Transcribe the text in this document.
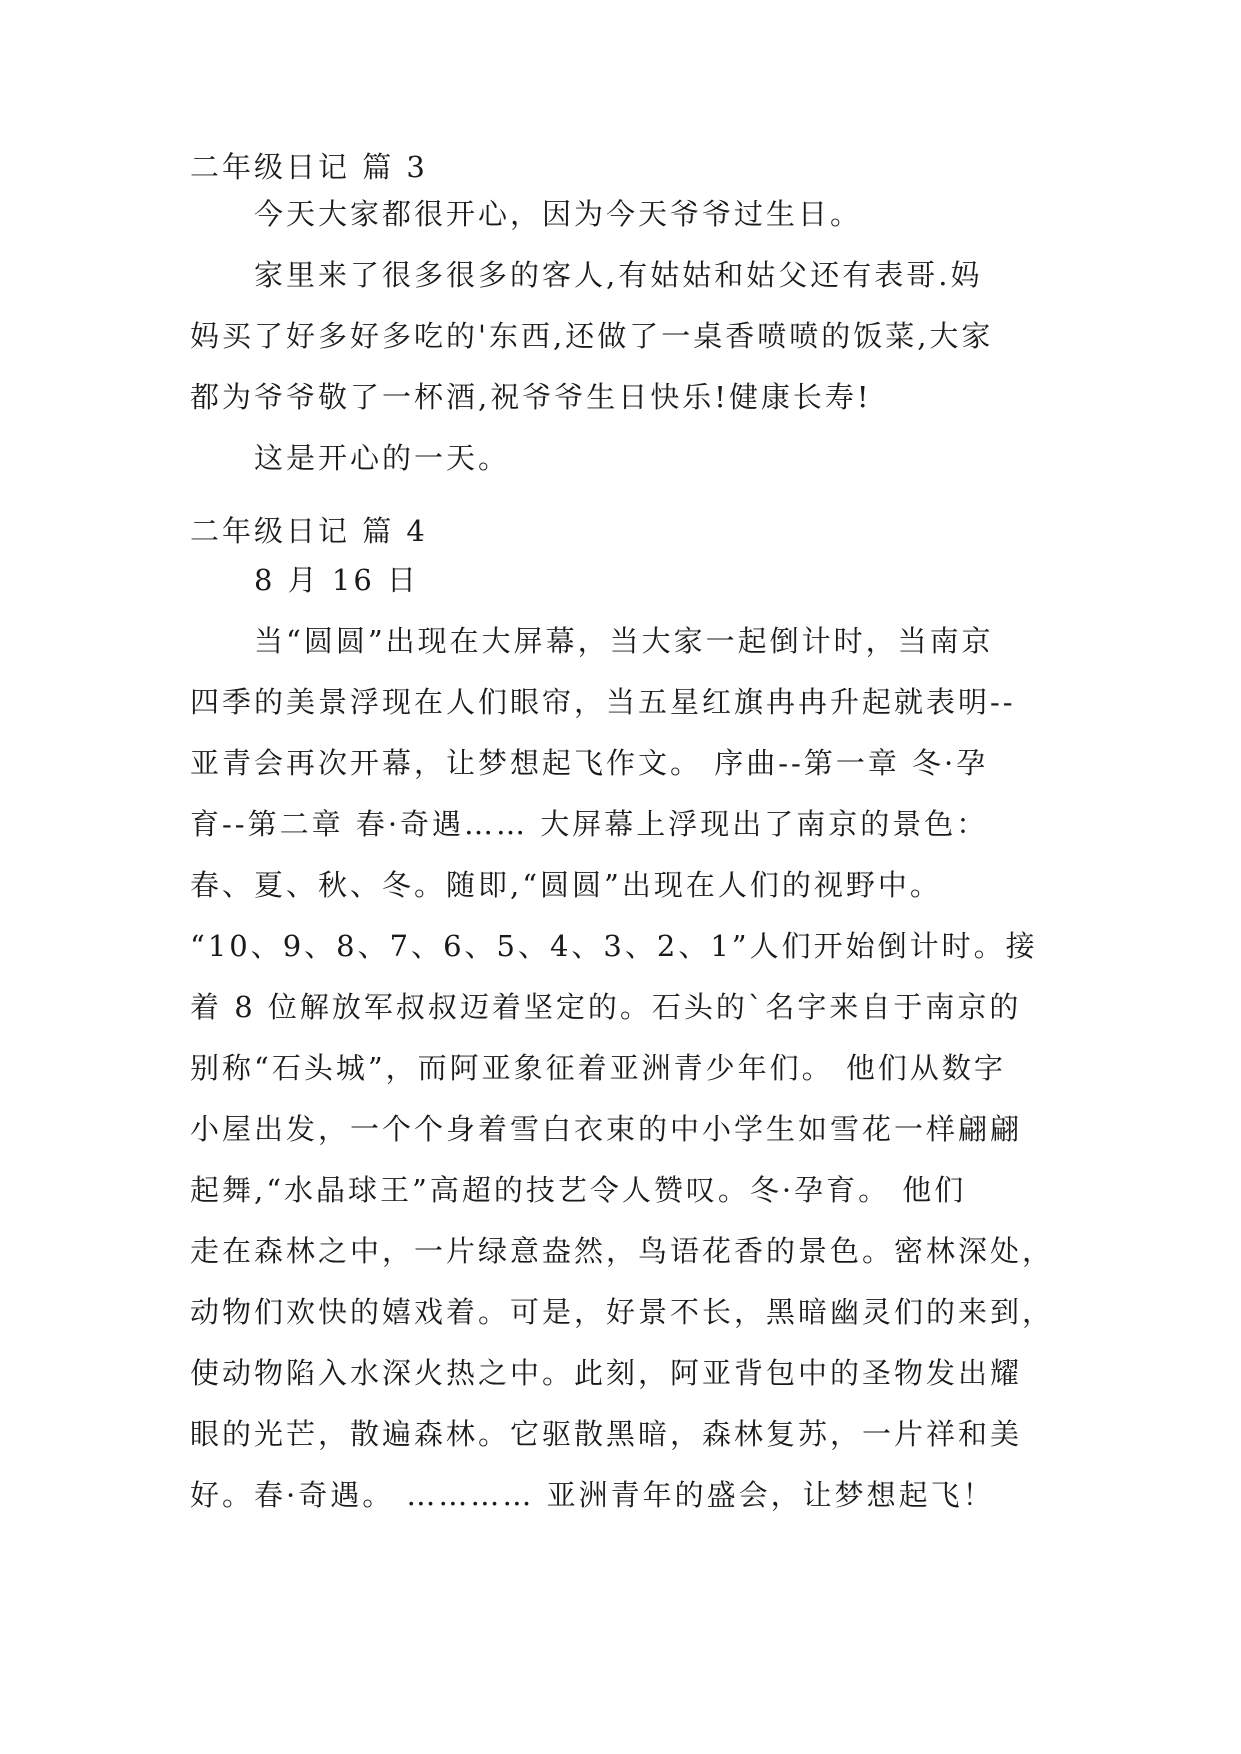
二年级日记 篇 3
今天大家都很开心，因为今天爷爷过生日。
家里来了很多很多的客人,有姑姑和姑父还有表哥.妈
妈买了好多好多吃的'东西,还做了一桌香喷喷的饭菜,大家
都为爷爷敬了一杯酒,祝爷爷生日快乐!健康长寿!
这是开心的一天。
二年级日记 篇 4
8 月 16 日
当“圆圆”出现在大屏幕，当大家一起倒计时，当南京
四季的美景浮现在人们眼帘，当五星红旗冉冉升起就表明--
亚青会再次开幕，让梦想起飞作文。 序曲--第一章 冬·孕
育--第二章 春·奇遇…… 大屏幕上浮现出了南京的景色：
春、夏、秋、冬。随即,“圆圆”出现在人们的视野中。
“10、9、8、7、6、5、4、3、2、1”人们开始倒计时。接
着 8 位解放军叔叔迈着坚定的。石头的`名字来自于南京的
别称“石头城”，而阿亚象征着亚洲青少年们。 他们从数字
小屋出发，一个个身着雪白衣束的中小学生如雪花一样翩翩
起舞,“水晶球王”高超的技艺令人赞叹。冬·孕育。 他们
走在森林之中，一片绿意盎然，鸟语花香的景色。密林深处，
动物们欢快的嬉戏着。可是，好景不长，黑暗幽灵们的来到，
使动物陷入水深火热之中。此刻，阿亚背包中的圣物发出耀
眼的光芒，散遍森林。它驱散黑暗，森林复苏，一片祥和美
好。春·奇遇。 ………… 亚洲青年的盛会，让梦想起飞！
